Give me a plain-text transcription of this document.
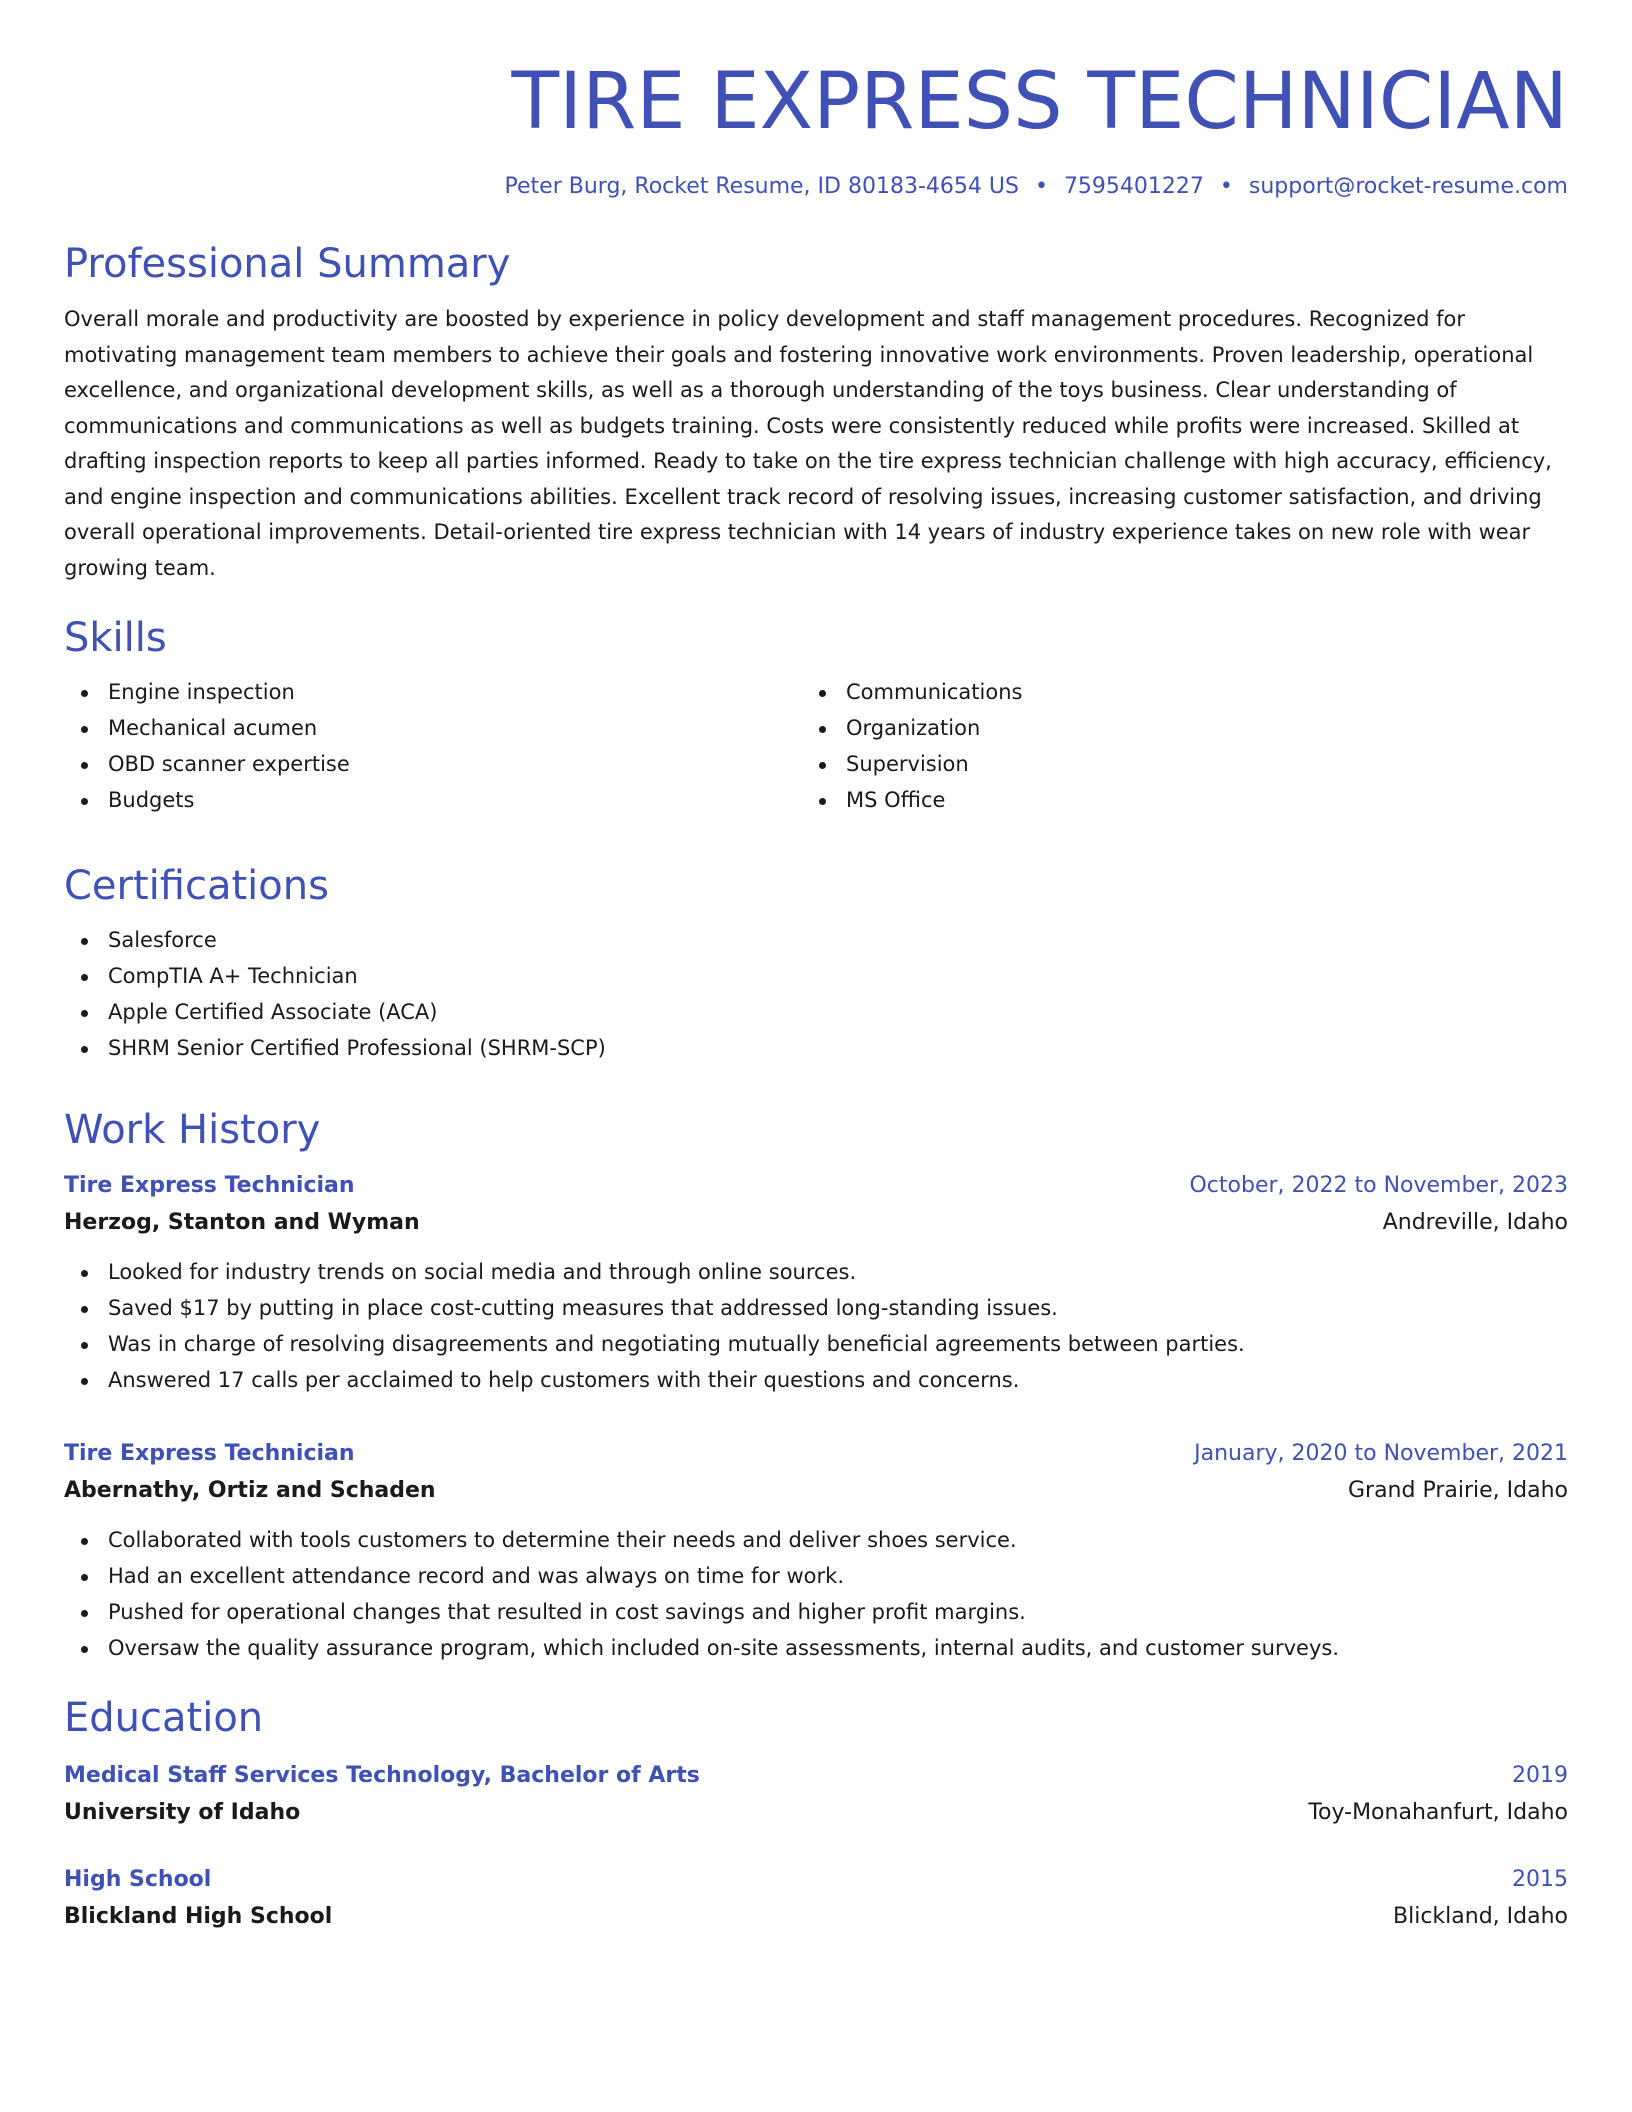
TIRE EXPRESS TECHNICIAN
Peter Burg, Rocket Resume, ID 80183-4654 US • 7595401227 • support@rocket-resume.com
Professional Summary

Overall morale and productivity are boosted by experience in policy development and staff management procedures. Recognized for motivating management team members to achieve their goals and fostering innovative work environments. Proven leadership, operational excellence, and organizational development skills, as well as a thorough understanding of the toys business. Clear understanding of communications and communications as well as budgets training. Costs were consistently reduced while profits were increased. Skilled at drafting inspection reports to keep all parties informed. Ready to take on the tire express technician challenge with high accuracy, efficiency, and engine inspection and communications abilities. Excellent track record of resolving issues, increasing customer satisfaction, and driving overall operational improvements. Detail-oriented tire express technician with 14 years of industry experience takes on new role with wear growing team.

Skills
Engine inspection
Mechanical acumen
OBD scanner expertise
Budgets
Communications
Organization
Supervision
MS Office
Certifications
Salesforce
CompTIA A+ Technician
Apple Certified Associate (ACA)
SHRM Senior Certified Professional (SHRM-SCP)
Work History
Tire Express Technician	October, 2022 to November, 2023
Herzog, Stanton and Wyman	Andreville, Idaho
Looked for industry trends on social media and through online sources.
Saved $17 by putting in place cost-cutting measures that addressed long-standing issues.
Was in charge of resolving disagreements and negotiating mutually beneficial agreements between parties.
Answered 17 calls per acclaimed to help customers with their questions and concerns.
Tire Express Technician	January, 2020 to November, 2021
Abernathy, Ortiz and Schaden	Grand Prairie, Idaho
Collaborated with tools customers to determine their needs and deliver shoes service.
Had an excellent attendance record and was always on time for work.
Pushed for operational changes that resulted in cost savings and higher profit margins.
Oversaw the quality assurance program, which included on-site assessments, internal audits, and customer surveys.
Education
Medical Staff Services Technology, Bachelor of Arts	2019
University of Idaho	Toy-Monahanfurt, Idaho
High School	2015
Blickland High School	Blickland, Idaho
